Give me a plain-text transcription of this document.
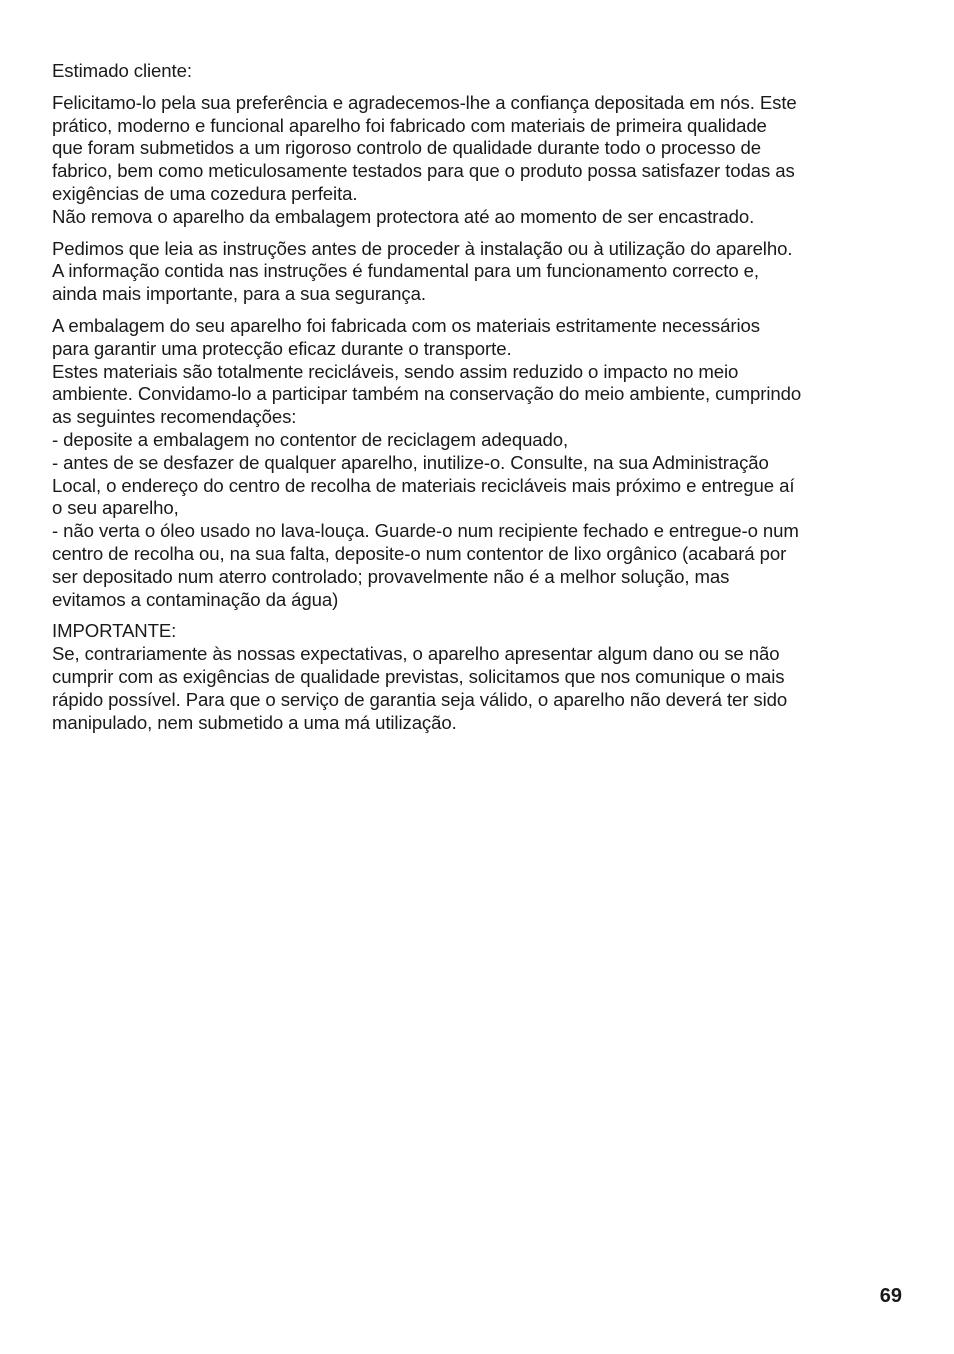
Estimado cliente:

Felicitamo-lo pela sua preferência e agradecemos-lhe a confiança depositada em nós. Este
prático, moderno e funcional aparelho foi fabricado com materiais de primeira qualidade
que foram submetidos a um rigoroso controlo de qualidade durante todo o processo de
fabrico, bem como meticulosamente testados para que o produto possa satisfazer todas as
exigências de uma cozedura perfeita.
Não remova o aparelho da embalagem protectora até ao momento de ser encastrado.
Pedimos que leia as instruções antes de proceder à instalação ou à utilização do aparelho.
A informação contida nas instruções é fundamental para um funcionamento correcto e,
ainda mais importante, para a sua segurança.
A embalagem do seu aparelho foi fabricada com os materiais estritamente necessários
para garantir uma protecção eficaz durante o transporte.
Estes materiais são totalmente recicláveis, sendo assim reduzido o impacto no meio
ambiente. Convidamo-lo a participar também na conservação do meio ambiente, cumprindo
as seguintes recomendações:
- deposite a embalagem no contentor de reciclagem adequado,
- antes de se desfazer de qualquer aparelho, inutilize-o. Consulte, na sua Administração
Local, o endereço do centro de recolha de materiais recicláveis mais próximo e entregue aí
o seu aparelho,
- não verta o óleo usado no lava-louça. Guarde-o num recipiente fechado e entregue-o num
centro de recolha ou, na sua falta, deposite-o num contentor de lixo orgânico (acabará por
ser depositado num aterro controlado; provavelmente não é a melhor solução, mas
evitamos a contaminação da água)
IMPORTANTE:
Se, contrariamente às nossas expectativas, o aparelho apresentar algum dano ou se não
cumprir com as exigências de qualidade previstas, solicitamos que nos comunique o mais
rápido possível. Para que o serviço de garantia seja válido, o aparelho não deverá ter sido
manipulado, nem submetido a uma má utilização.
69
